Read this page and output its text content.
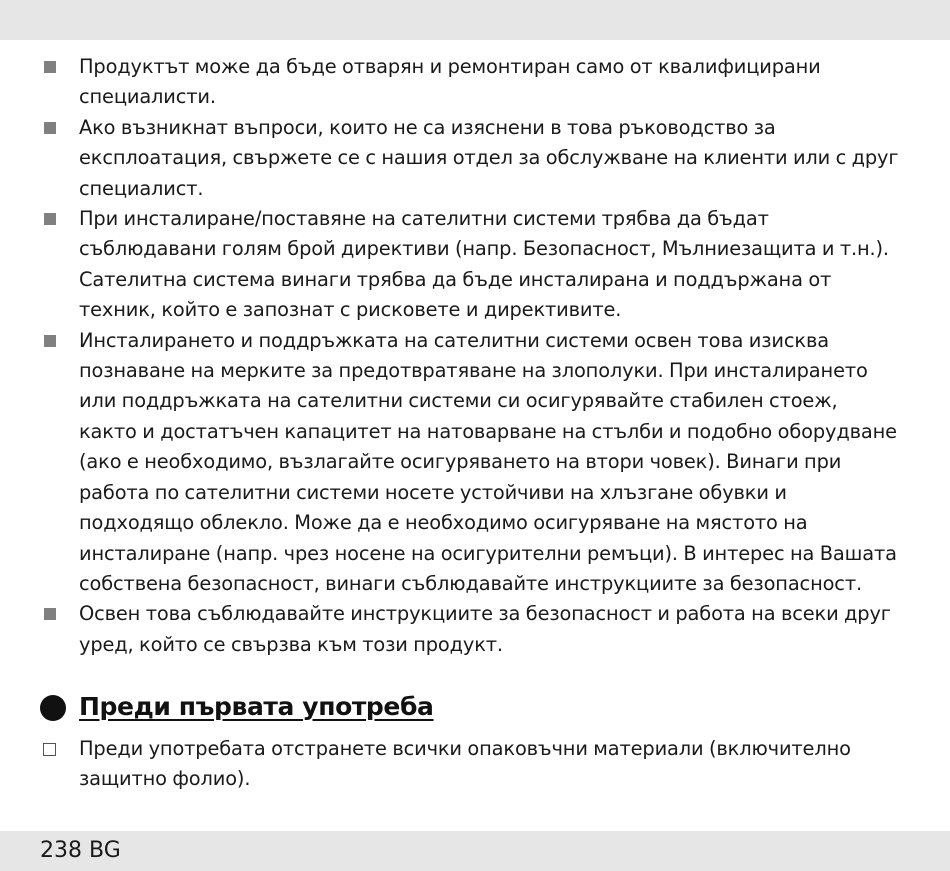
Продуктът може да бъде отварян и ремонтиран само от квалифицирани специалисти.
Ако възникнат въпроси, които не са изяснени в това ръководство за експлоатация, свържете се с нашия отдел за обслужване на клиенти или с друг специалист.
При инсталиране/поставяне на сателитни системи трябва да бъдат съблюдавани голям брой директиви (напр. Безопасност, Мълниезащита и т.н.). Сателитна система винаги трябва да бъде инсталирана и поддържана от техник, който е запознат с рисковете и директивите.
Инсталирането и поддръжката на сателитни системи освен това изисква познаване на мерките за предотвратяване на злополуки. При инсталирането или поддръжката на сателитни системи си осигурявайте стабилен стоеж, както и достатъчен капацитет на натоварване на стълби и подобно оборудване (ако е необходимо, възлагайте осигуряването на втори човек). Винаги при работа по сателитни системи носете устойчиви на хлъзгане обувки и подходящо облекло. Може да е необходимо осигуряване на мястото на инсталиране (напр. чрез носене на осигурителни ремъци). В интерес на Вашата собствена безопасност, винаги съблюдавайте инструкциите за безопасност.
Освен това съблюдавайте инструкциите за безопасност и работа на всеки друг уред, който се свързва към този продукт.
Преди първата употреба
Преди употребата отстранете всички опаковъчни материали (включително защитно фолио).
238 BG
